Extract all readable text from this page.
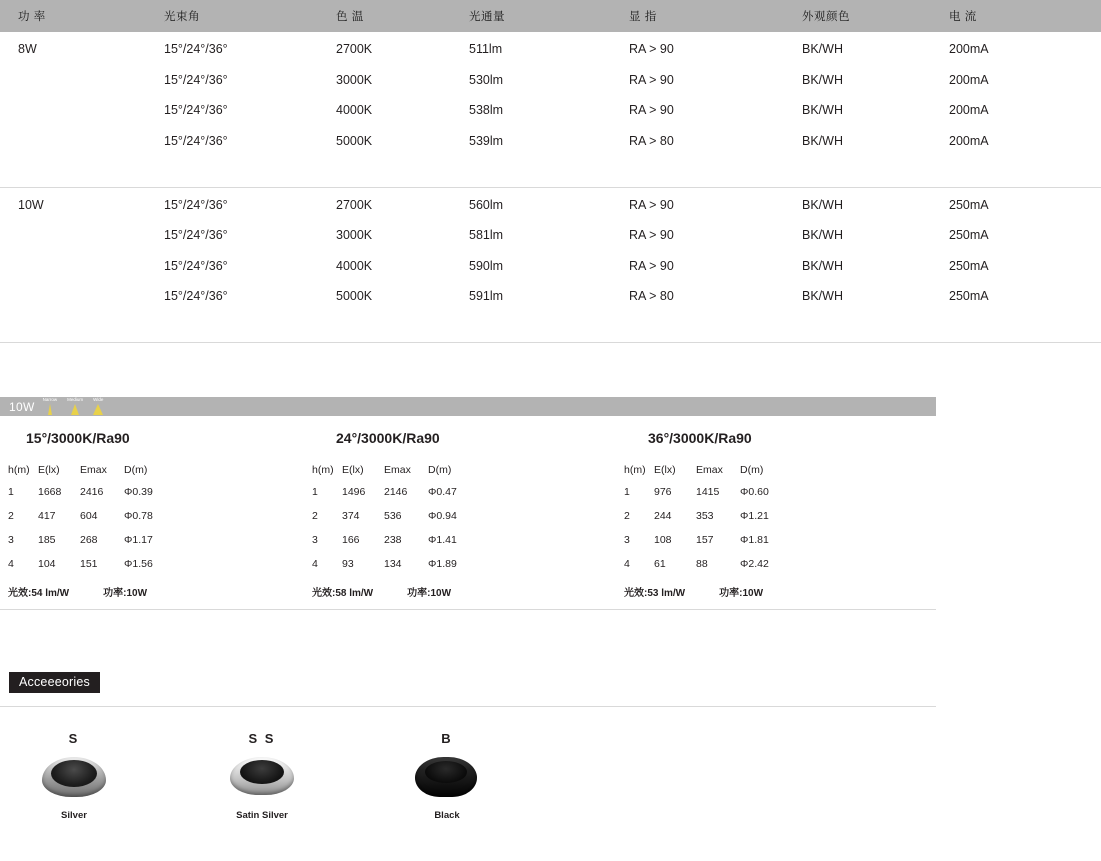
功 率	光束角	色 温	光通量	显 指	外观颜色	电 流
8W	15°/24°/36°	2700K	511lm	RA > 90	BK/WH	200mA
	15°/24°/36°	3000K	530lm	RA > 90	BK/WH	200mA
	15°/24°/36°	4000K	538lm	RA > 90	BK/WH	200mA
	15°/24°/36°	5000K	539lm	RA > 80	BK/WH	200mA

10W	15°/24°/36°	2700K	560lm	RA > 90	BK/WH	250mA
	15°/24°/36°	3000K	581lm	RA > 90	BK/WH	250mA
	15°/24°/36°	4000K	590lm	RA > 90	BK/WH	250mA
	15°/24°/36°	5000K	591lm	RA > 80	BK/WH	250mA

10W Narrow Medium Wide
15°/3000K/Ra90
h(m)	E(lx)	Emax	D(m)
1	1668	2416	Φ0.39
2	417	604	Φ0.78
3	185	268	Φ1.17
4	104	151	Φ1.56
光效:54 lm/W	功率:10W
24°/3000K/Ra90
h(m)	E(lx)	Emax	D(m)
1	1496	2146	Φ0.47
2	374	536	Φ0.94
3	166	238	Φ1.41
4	93	134	Φ1.89
光效:58 lm/W	功率:10W
36°/3000K/Ra90
h(m)	E(lx)	Emax	D(m)
1	976	1415	Φ0.60
2	244	353	Φ1.21
3	108	157	Φ1.81
4	61	88	Φ2.42
光效:53 lm/W	功率:10W
Acceeeories
S
Silver
S S
Satin Silver
B
Black
